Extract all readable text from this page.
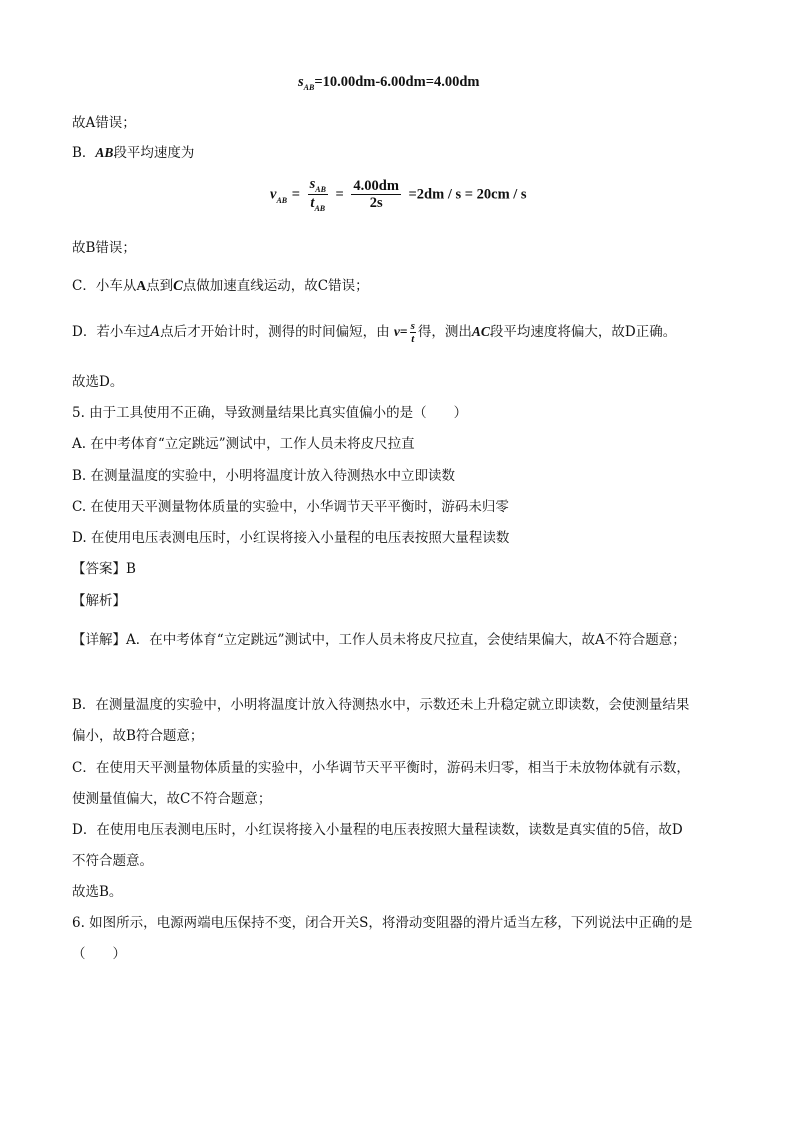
$s_{AB}=10.00dm-6.00dm=4.00dm$
故A错误；
B．AB段平均速度为
$v_{AB} = \frac{s_{AB}}{t_{AB}} = \frac{4.00dm}{2s} =2dm / s = 20cm / s$
故B错误；
C．小车从A点到C点做加速直线运动，故C错误；
D．若小车过A点后才开始计时，测得的时间偏短，由 $v= \frac{s}{t}$ 得，测出AC段平均速度将偏大，故D正确。
故选D。
5. 由于工具使用不正确，导致测量结果比真实值偏小的是（　　）
A. 在中考体育“立定跳远”测试中，工作人员未将皮尺拉直
B. 在测量温度的实验中，小明将温度计放入待测热水中立即读数
C. 在使用天平测量物体质量的实验中，小华调节天平平衡时，游码未归零
D. 在使用电压表测电压时，小红误将接入小量程的电压表按照大量程读数
【答案】B
【解析】
【详解】A．在中考体育“立定跳远”测试中，工作人员未将皮尺拉直，会使结果偏大，故A不符合题意；
B．在测量温度的实验中，小明将温度计放入待测热水中，示数还未上升稳定就立即读数，会使测量结果
偏小，故B符合题意；
C．在使用天平测量物体质量的实验中，小华调节天平平衡时，游码未归零，相当于未放物体就有示数，
使测量值偏大，故C不符合题意；
D．在使用电压表测电压时，小红误将接入小量程的电压表按照大量程读数，读数是真实值的5倍，故D
不符合题意。
故选B。
6. 如图所示，电源两端电压保持不变，闭合开关S，将滑动变阻器的滑片适当左移，下列说法中正确的是
（　　）
